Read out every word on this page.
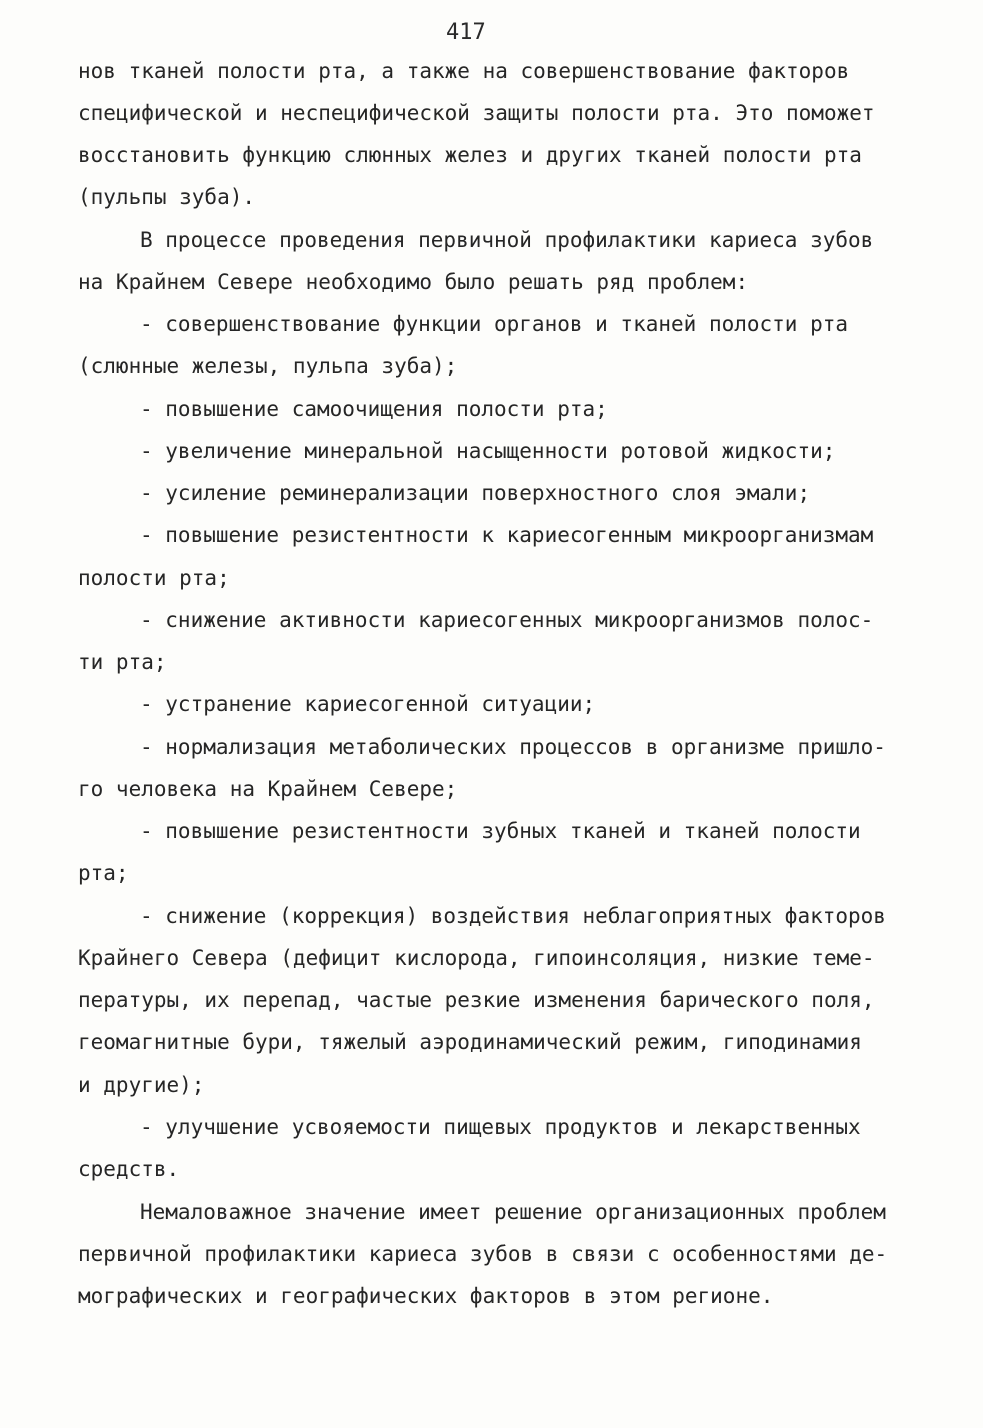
417
нов тканей полости рта, а также на совершенствование факторов
специфической и неспецифической защиты полости рта. Это поможет
восстановить функцию слюнных желез и других тканей полости рта
(пульпы зуба).
В процессе проведения первичной профилактики кариеса зубов
на Крайнем Севере необходимо было решать ряд проблем:
- совершенствование функции органов и тканей полости рта
(слюнные железы, пульпа зуба);
- повышение самоочищения полости рта;
- увеличение минеральной насыщенности ротовой жидкости;
- усиление реминерализации поверхностного слоя эмали;
- повышение резистентности к кариесогенным микроорганизмам
полости рта;
- снижение активности кариесогенных микроорганизмов полос-
ти рта;
- устранение кариесогенной ситуации;
- нормализация метаболических процессов в организме пришло-
го человека на Крайнем Севере;
- повышение резистентности зубных тканей и тканей полости
рта;
- снижение (коррекция) воздействия неблагоприятных факторов
Крайнего Севера (дефицит кислорода, гипоинсоляция, низкие теме-
пературы, их перепад, частые резкие изменения барического поля,
геомагнитные бури, тяжелый аэродинамический режим, гиподинамия
и другие);
- улучшение усвояемости пищевых продуктов и лекарственных
средств.
Немаловажное значение имеет решение организационных проблем
первичной профилактики кариеса зубов в связи с особенностями де-
мографических и географических факторов в этом регионе.
